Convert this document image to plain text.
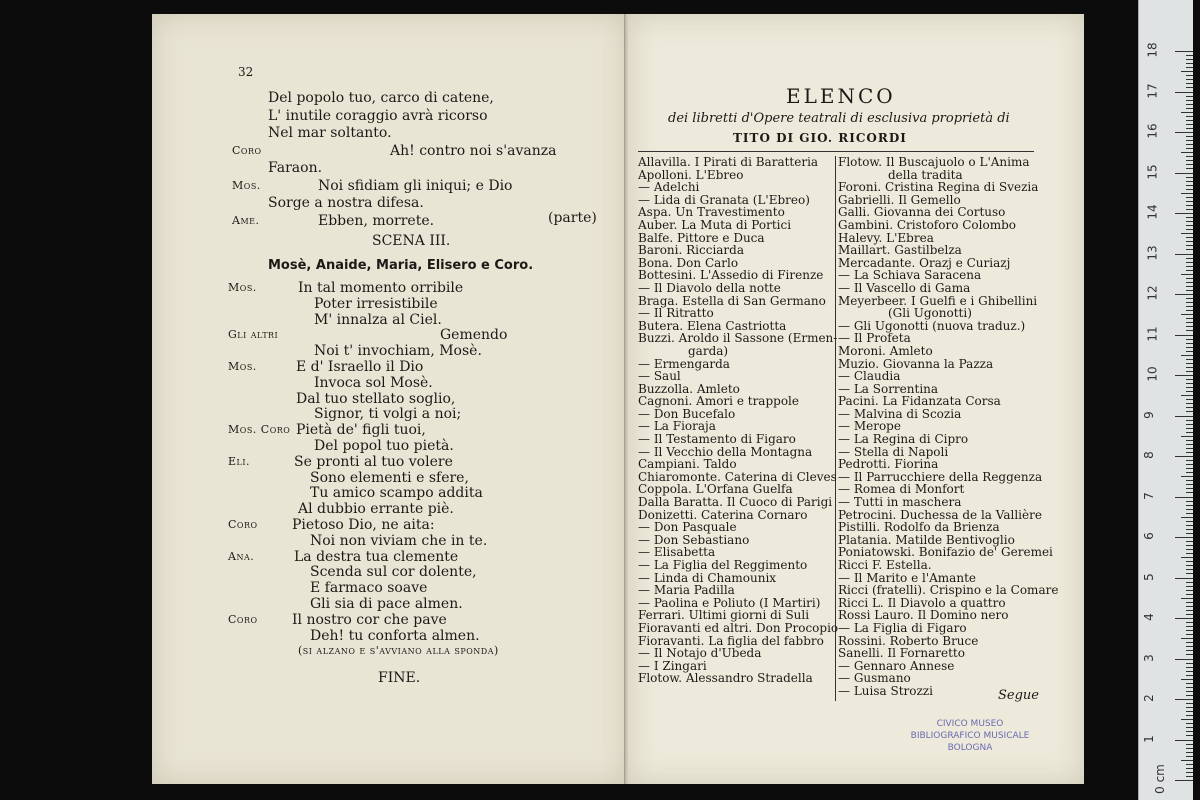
32
Del popolo tuo, carco di catene,
L' inutile coraggio avrà ricorso
Nel mar soltanto.
Coro	Ah! contro noi s'avanza
Faraon.
Mos.	Noi sfidiam gli iniqui; e Dio
Sorge a nostra difesa.
Ame.	Ebben, morrete.	(parte)
SCENA III.
Mosè, Anaide, Maria, Elisero e Coro.
Mos.	In tal momento orribile
Poter irresistibile
M' innalza al Ciel.
Gli altri	Gemendo
Noi t' invochiam, Mosè.
Mos.	E d' Israello il Dio
Invoca sol Mosè.
Dal tuo stellato soglio,
Signor, ti volgi a noi;
Mos. Coro Pietà de' figli tuoi,
Del popol tuo pietà.
Eli.	Se pronti al tuo volere
Sono elementi e sfere,
Tu amico scampo addita
Al dubbio errante piè.
Coro Pietoso Dio, ne aita:
Noi non viviam che in te.
Ana.	La destra tua clemente
Scenda sul cor dolente,
E farmaco soave
Gli sia di pace almen.
Coro Il nostro cor che pave
Deh! tu conforta almen.
(si alzano e s'avviano alla sponda)
FINE.
ELENCO
dei libretti d'Opere teatrali di esclusiva proprietà di
TITO DI GIO. RICORDI
Allavilla. I Pirati di Baratteria
Apolloni. L'Ebreo
— Adelchi
— Lida di Granata (L'Ebreo)
Aspa. Un Travestimento
Auber. La Muta di Portici
Balfe. Pittore e Duca
Baroni. Ricciarda
Bona. Don Carlo
Bottesini. L'Assedio di Firenze
— Il Diavolo della notte
Braga. Estella di San Germano
— Il Ritratto
Butera. Elena Castriotta
Buzzi. Aroldo il Sassone (Ermen-
garda)
— Ermengarda
— Saul
Buzzolla. Amleto
Cagnoni. Amori e trappole
— Don Bucefalo
— La Fioraja
— Il Testamento di Figaro
— Il Vecchio della Montagna
Campiani. Taldo
Chiaromonte. Caterina di Cleves
Coppola. L'Orfana Guelfa
Dalla Baratta. Il Cuoco di Parigi
Donizetti. Caterina Cornaro
— Don Pasquale
— Don Sebastiano
— Elisabetta
— La Figlia del Reggimento
— Linda di Chamounix
— Maria Padilla
— Paolina e Poliuto (I Martiri)
Ferrari. Ultimi giorni di Suli
Fioravanti ed altri. Don Procopio
Fioravanti. La figlia del fabbro
— Il Notajo d'Ubeda
— I Zingari
Flotow. Alessandro Stradella
Flotow. Il Buscajuolo o L'Anima
della tradita
Foroni. Cristina Regina di Svezia
Gabrielli. Il Gemello
Galli. Giovanna dei Cortuso
Gambini. Cristoforo Colombo
Halevy. L'Ebrea
Maillart. Gastilbelza
Mercadante. Orazj e Curiazj
— La Schiava Saracena
— Il Vascello di Gama
Meyerbeer. I Guelfi e i Ghibellini
(Gli Ugonotti)
— Gli Ugonotti (nuova traduz.)
— Il Profeta
Moroni. Amleto
Muzio. Giovanna la Pazza
— Claudia
— La Sorrentina
Pacini. La Fidanzata Corsa
— Malvina di Scozia
— Merope
— La Regina di Cipro
— Stella di Napoli
Pedrotti. Fiorina
— Il Parrucchiere della Reggenza
— Romea di Monfort
— Tutti in maschera
Petrocini. Duchessa de la Vallière
Pistilli. Rodolfo da Brienza
Platania. Matilde Bentivoglio
Poniatowski. Bonifazio de' Geremei
Ricci F. Estella.
— Il Marito e l'Amante
Ricci (fratelli). Crispino e la Comare
Ricci L. Il Diavolo a quattro
Rossi Lauro. Il Domino nero
— La Figlia di Figaro
Rossini. Roberto Bruce
Sanelli. Il Fornaretto
— Gennaro Annese
— Gusmano
— Luisa Strozzi	Segue
CIVICO MUSEO
BIBLIOGRAFICO MUSICALE
BOLOGNA
0 cm
1
2
3
4
5
6
7
8
9
10
11
12
13
14
15
16
17
18
